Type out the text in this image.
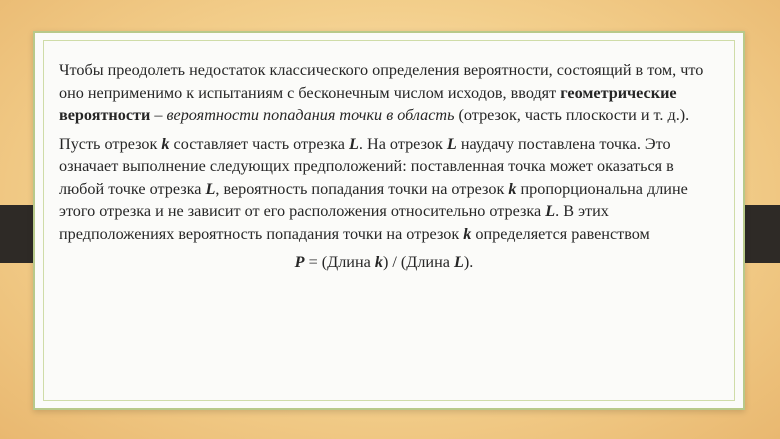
Чтобы преодолеть недостаток классического определения вероятности, состоящий в том, что оно неприменимо к испытаниям с бесконечным числом исходов, вводят геометрические вероятности – вероятности попадания точки в область (отрезок, часть плоскости и т. д.).

Пусть отрезок k составляет часть отрезка L. На отрезок L наудачу поставлена точка. Это означает выполнение следующих предположений: поставленная точка может оказаться в любой точке отрезка L, вероятность попадания точки на отрезок k пропорциональна длине этого отрезка и не зависит от его расположения относительно отрезка L. В этих предположениях вероятность попадания точки на отрезок k определяется равенством

P = (Длина k) / (Длина L).
